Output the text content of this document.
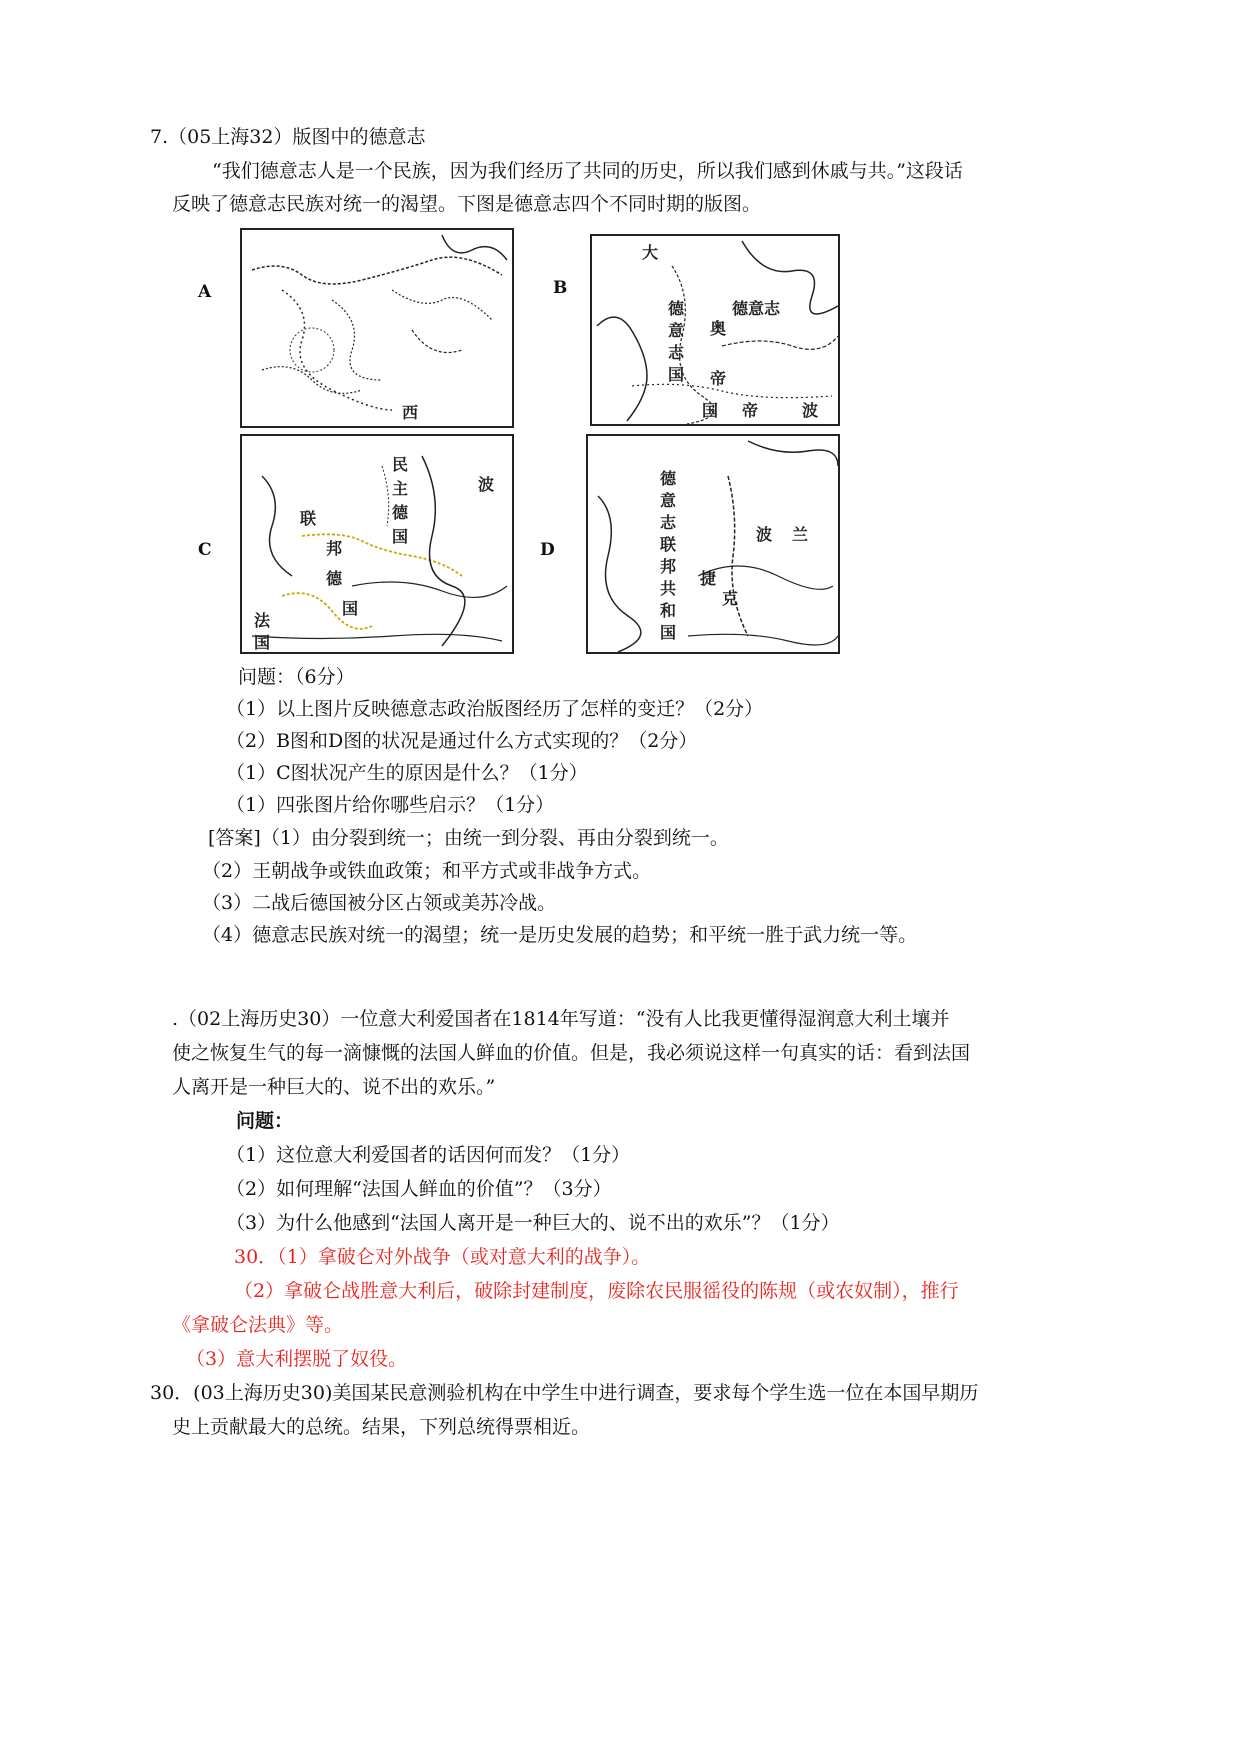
7.（05上海32）版图中的德意志
“我们德意志人是一个民族，因为我们经历了共同的历史，所以我们感到休戚与共。”这段话
反映了德意志民族对统一的渴望。下图是德意志四个不同时期的版图。
A
西
B
大
德
意
志
国
德意志
奥
帝
国 帝	波
C
民
主
德
国
联
邦
德
国
法
国
波
D
德
意
志
联
邦
共
和
国
波 兰
捷
克
问题：（6分）
（1）以上图片反映德意志政治版图经历了怎样的变迁？（2分）
（2）B图和D图的状况是通过什么方式实现的？（2分）
（1）C图状况产生的原因是什么？（1分）
（1）四张图片给你哪些启示？（1分）
[答案]（1）由分裂到统一；由统一到分裂、再由分裂到统一。
（2）王朝战争或铁血政策；和平方式或非战争方式。
（3）二战后德国被分区占领或美苏冷战。
（4）德意志民族对统一的渴望；统一是历史发展的趋势；和平统一胜于武力统一等。
.（02上海历史30）一位意大利爱国者在1814年写道：“没有人比我更懂得湿润意大利土壤并
使之恢复生气的每一滴慷慨的法国人鲜血的价值。但是，我必须说这样一句真实的话：看到法国
人离开是一种巨大的、说不出的欢乐。”
问题：
（1）这位意大利爱国者的话因何而发？（1分）
（2）如何理解“法国人鲜血的价值”？（3分）
（3）为什么他感到“法国人离开是一种巨大的、说不出的欢乐”？（1分）
30．（1）拿破仑对外战争（或对意大利的战争）。
（2）拿破仑战胜意大利后，破除封建制度，废除农民服徭役的陈规（或农奴制），推行
《拿破仑法典》等。
（3）意大利摆脱了奴役。
30．(03上海历史30)美国某民意测验机构在中学生中进行调查，要求每个学生选一位在本国早期历
史上贡献最大的总统。结果，下列总统得票相近。
